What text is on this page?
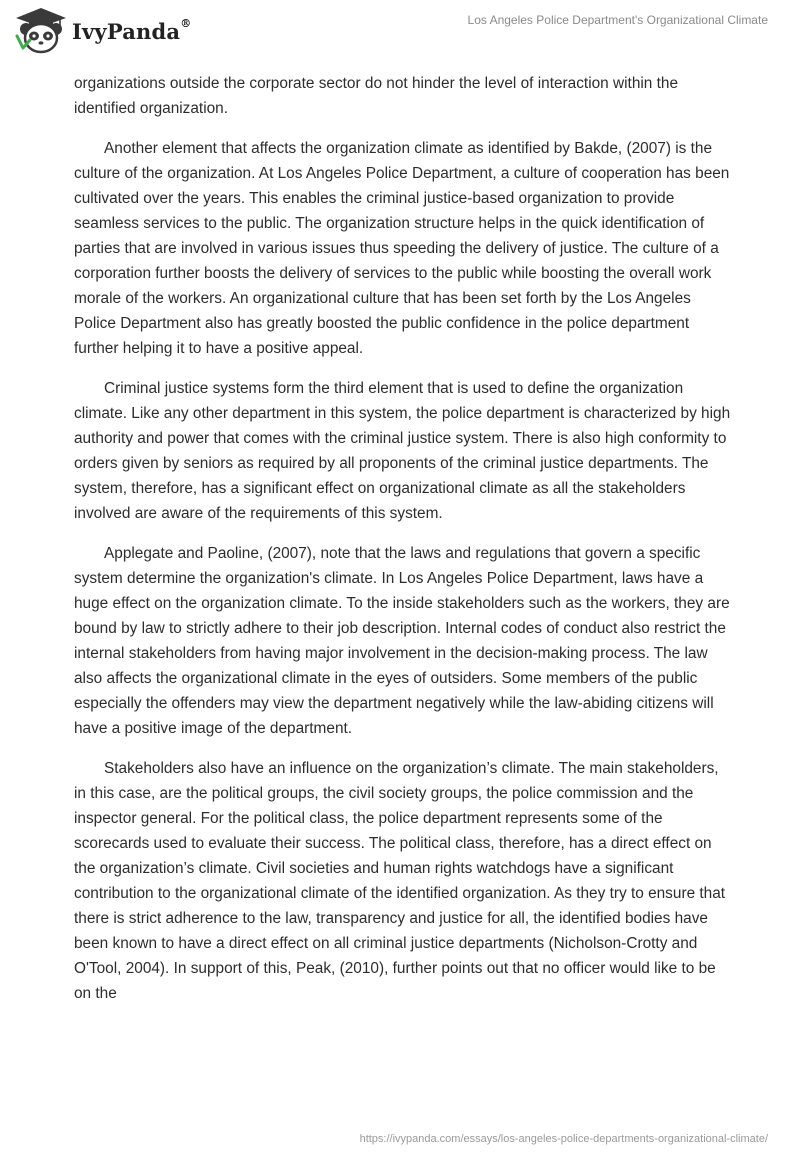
IvyPanda®	Los Angeles Police Department's Organizational Climate

organizations outside the corporate sector do not hinder the level of interaction within the identified organization.

Another element that affects the organization climate as identified by Bakde, (2007) is the culture of the organization. At Los Angeles Police Department, a culture of cooperation has been cultivated over the years. This enables the criminal justice-based organization to provide seamless services to the public. The organization structure helps in the quick identification of parties that are involved in various issues thus speeding the delivery of justice. The culture of a corporation further boosts the delivery of services to the public while boosting the overall work morale of the workers. An organizational culture that has been set forth by the Los Angeles Police Department also has greatly boosted the public confidence in the police department further helping it to have a positive appeal.

Criminal justice systems form the third element that is used to define the organization climate. Like any other department in this system, the police department is characterized by high authority and power that comes with the criminal justice system. There is also high conformity to orders given by seniors as required by all proponents of the criminal justice departments. The system, therefore, has a significant effect on organizational climate as all the stakeholders involved are aware of the requirements of this system.

Applegate and Paoline, (2007), note that the laws and regulations that govern a specific system determine the organization's climate. In Los Angeles Police Department, laws have a huge effect on the organization climate. To the inside stakeholders such as the workers, they are bound by law to strictly adhere to their job description. Internal codes of conduct also restrict the internal stakeholders from having major involvement in the decision-making process. The law also affects the organizational climate in the eyes of outsiders. Some members of the public especially the offenders may view the department negatively while the law-abiding citizens will have a positive image of the department.

Stakeholders also have an influence on the organization’s climate. The main stakeholders, in this case, are the political groups, the civil society groups, the police commission and the inspector general. For the political class, the police department represents some of the scorecards used to evaluate their success. The political class, therefore, has a direct effect on the organization’s climate. Civil societies and human rights watchdogs have a significant contribution to the organizational climate of the identified organization. As they try to ensure that there is strict adherence to the law, transparency and justice for all, the identified bodies have been known to have a direct effect on all criminal justice departments (Nicholson-Crotty and O'Tool, 2004). In support of this, Peak, (2010), further points out that no officer would like to be on the

https://ivypanda.com/essays/los-angeles-police-departments-organizational-climate/
